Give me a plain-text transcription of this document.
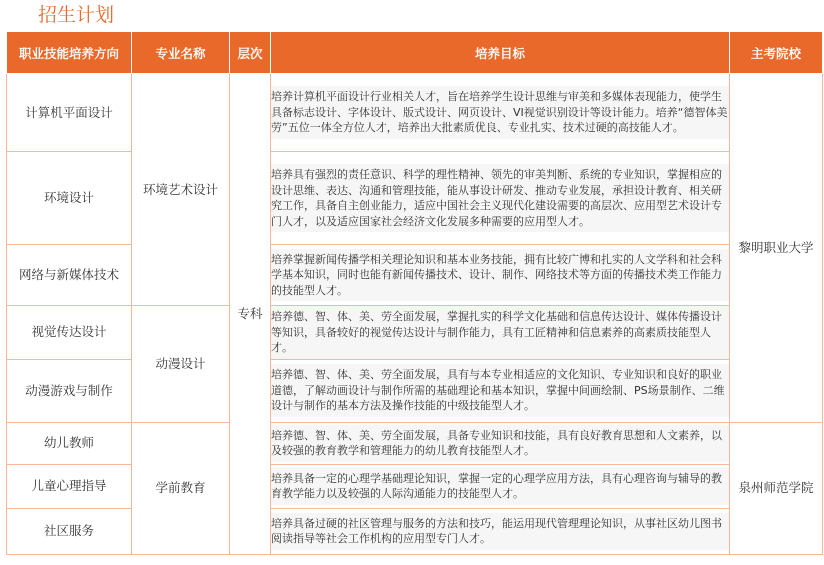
招生计划
职业技能培养方向	专业名称	层次	培养目标	主考院校
计算机平面设计	环境艺术设计	专科	培养计算机平面设计行业相关人才，旨在培养学生设计思维与审美和多媒体表现能力，使学生具备标志设计、字体设计、版式设计、网页设计、VI视觉识别设计等设计能力。培养“德智体美劳”五位一体全方位人才，培养出大批素质优良、专业扎实、技术过硬的高技能人才。	黎明职业大学
环境设计			培养具有强烈的责任意识、科学的理性精神、领先的审美判断、系统的专业知识，掌握相应的设计思维、表达、沟通和管理技能，能从事设计研发、推动专业发展，承担设计教育、相关研究工作，具备自主创业能力，适应中国社会主义现代化建设需要的高层次、应用型艺术设计专门人才，以及适应国家社会经济文化发展多种需要的应用型人才。	

网络与新媒体技术			培养掌握新闻传播学相关理论知识和基本业务技能，拥有比较广博和扎实的人文学科和社会科学基本知识，同时也能有新闻传播技术、设计、制作、网络技术等方面的传播技术类工作能力的技能型人才。	

视觉传达设计	动漫设计		培养德、智、体、美、劳全面发展，掌握扎实的科学文化基础和信息传达设计、媒体传播设计等知识，具备较好的视觉传达设计与制作能力，具有工匠精神和信息素养的高素质技能型人才。	

动漫游戏与制作			培养德、智、体、美、劳全面发展，具有与本专业相适应的文化知识、专业知识和良好的职业道德，了解动画设计与制作所需的基础理论和基本知识，掌握中间画绘制、PS场景制作、二维设计与制作的基本方法及操作技能的中级技能型人才。	

幼儿教师	学前教育		培养德、智、体、美、劳全面发展，具备专业知识和技能，具有良好教育思想和人文素养，以及较强的教育教学和管理能力的幼儿教育技能型人才。	泉州师范学院
儿童心理指导			培养具备一定的心理学基础理论知识，掌握一定的心理学应用方法，具有心理咨询与辅导的教育教学能力以及较强的人际沟通能力的技能型人才。	

社区服务			培养具备过硬的社区管理与服务的方法和技巧，能运用现代管理理论知识，从事社区幼儿图书阅读指导等社会工作机构的应用型专门人才。	
